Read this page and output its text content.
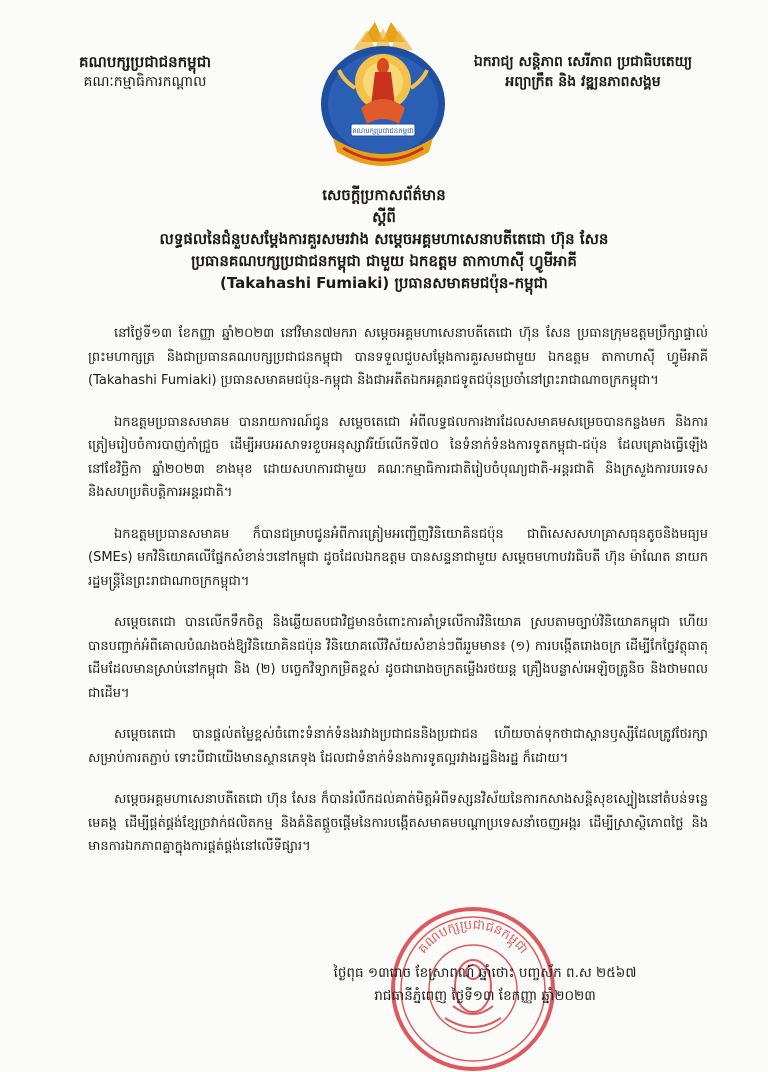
គណបក្សប្រជាជនកម្ពុជា
គណៈកម្មាធិការកណ្តាល
គណបក្សប្រជាជនកម្ពុជា
ឯករាជ្យ សន្តិភាព សេរីភាព ប្រជាធិបតេយ្យ
អព្យាក្រឹត និង វឌ្ឍនភាពសង្គម
សេចក្តីប្រកាសព័ត៌មាន
ស្តីពី
លទ្ធផលនៃជំនួបសម្តែងការគួរសមរវាង សម្តេចអគ្គមហាសេនាបតីតេជោ ហ៊ុន សែន
ប្រធានគណបក្សប្រជាជនកម្ពុជា ជាមួយ ឯកឧត្តម តាកាហាស៊ី ហ្វូមីអាគី
(Takahashi Fumiaki) ប្រធានសមាគមជប៉ុន-កម្ពុជា

នៅថ្ងៃទី១៣ ខែកញ្ញា ឆ្នាំ២០២៣ នៅវិមាន៧មករា សម្តេចអគ្គមហាសេនាបតីតេជោ ហ៊ុន សែន ប្រធានក្រុមឧត្តមប្រឹក្សាផ្ទាល់ព្រះមហាក្សត្រ និងជាប្រធានគណបក្សប្រជាជនកម្ពុជា បានទទួលជួបសម្តែងការគួរសមជាមួយ ឯកឧត្តម តាកាហាស៊ី ហ្វូមីអាគី (Takahashi Fumiaki) ប្រធានសមាគមជប៉ុន-កម្ពុជា និងជាអតីតឯកអគ្គរាជទូតជប៉ុនប្រចាំនៅព្រះរាជាណាចក្រកម្ពុជា។

ឯកឧត្តមប្រធានសមាគម បានរាយការណ៍ជូន សម្តេចតេជោ អំពីលទ្ធផលការងារដែលសមាគមសម្រេចបានកន្លងមក និងការត្រៀមរៀបចំការបាញ់កាំជ្រួច ដើម្បីអបអរសាទរខួបអនុស្សាវរីយ៍លើកទី៧០ នៃទំនាក់ទំនងការទូតកម្ពុជា-ជប៉ុន ដែលគ្រោងធ្វើឡើងនៅខែវិច្ឆិកា ឆ្នាំ២០២៣ ខាងមុខ ដោយសហការជាមួយ គណៈកម្មាធិការជាតិរៀបចំបុណ្យជាតិ-អន្តរជាតិ និងក្រសួងការបរទេសនិងសហប្រតិបត្តិការអន្តរជាតិ។

ឯកឧត្តមប្រធានសមាគម ក៏បានជម្រាបជូនអំពីការត្រៀមអញ្ជើញវិនិយោគិនជប៉ុន ជាពិសេសសហគ្រាសធុនតូចនិងមធ្យម (SMEs) មកវិនិយោគលើផ្នែកសំខាន់ៗនៅកម្ពុជា ដូចដែលឯកឧត្តម បានសន្ទនាជាមួយ សម្តេចមហាបវរធិបតី ហ៊ុន ម៉ាណែត នាយករដ្ឋមន្ត្រីនៃព្រះរាជាណាចក្រកម្ពុជា។

សម្តេចតេជោ បានលើកទឹកចិត្ត និងឆ្លើយតបជាវិជ្ជមានចំពោះការគាំទ្រលើការវិនិយោគ ស្របតាមច្បាប់វិនិយោគកម្ពុជា ហើយបានបញ្ជាក់អំពីគោលបំណងចង់ឱ្យវិនិយោគិនជប៉ុន វិនិយោគលើវិស័យសំខាន់ៗពីររួមមាន៖ (១) ការបង្កើតរោងចក្រ ដើម្បីកែច្នៃវត្ថុធាតុដើមដែលមានស្រាប់នៅកម្ពុជា និង (២) បច្ចេកវិទ្យាកម្រិតខ្ពស់ ដូចជារោងចក្រតម្លើងរថយន្ត គ្រឿងបន្លាស់អេឡិចត្រូនិច និងថាមពលជាដើម។

សម្តេចតេជោ បានផ្តល់តម្លៃខ្ពស់ចំពោះទំនាក់ទំនងរវាងប្រជាជននិងប្រជាជន ហើយចាត់ទុកថាជាស្ពានឫស្សីដែលត្រូវថែរក្សាសម្រាប់ការតភ្ជាប់ ទោះបីជាយើងមានស្ថានភេទុង ដែលជាទំនាក់ទំនងការទូតល្អរវាងរដ្ឋនិងរដ្ឋ ក៏ដោយ។

សម្តេចអគ្គមហាសេនាបតីតេជោ ហ៊ុន សែន ក៏បានរំលឹកដល់គាត់មិត្តអំពីទស្សនវិស័យនៃការកសាងសន្តិសុខស្បៀងនៅតំបន់ទន្លេមេគង្គ ដើម្បីផ្គត់ផ្គង់ខ្សែច្រវាក់ផលិតកម្ម និងគំនិតផ្តួចផ្តើមនៃការបង្កើតសមាគមបណ្តាប្រទេសនាំចេញអង្ករ ដើម្បីស្រាស្តិភោពថ្លៃ និងមានការឯកភាពគ្នាក្នុងការផ្គត់ផ្គង់នៅលើទីផ្សារ។

គណបក្សប្រជាជនកម្ពុជា
ថ្ងៃពុធ ១៣រោច ខែស្រាពណ៍ ឆ្នាំថោះ បញ្ចស័ក ព.ស ២៥៦៧
រាជធានីភ្នំពេញ ថ្ងៃទី១៣ ខែកញ្ញា ឆ្នាំ២០២៣
